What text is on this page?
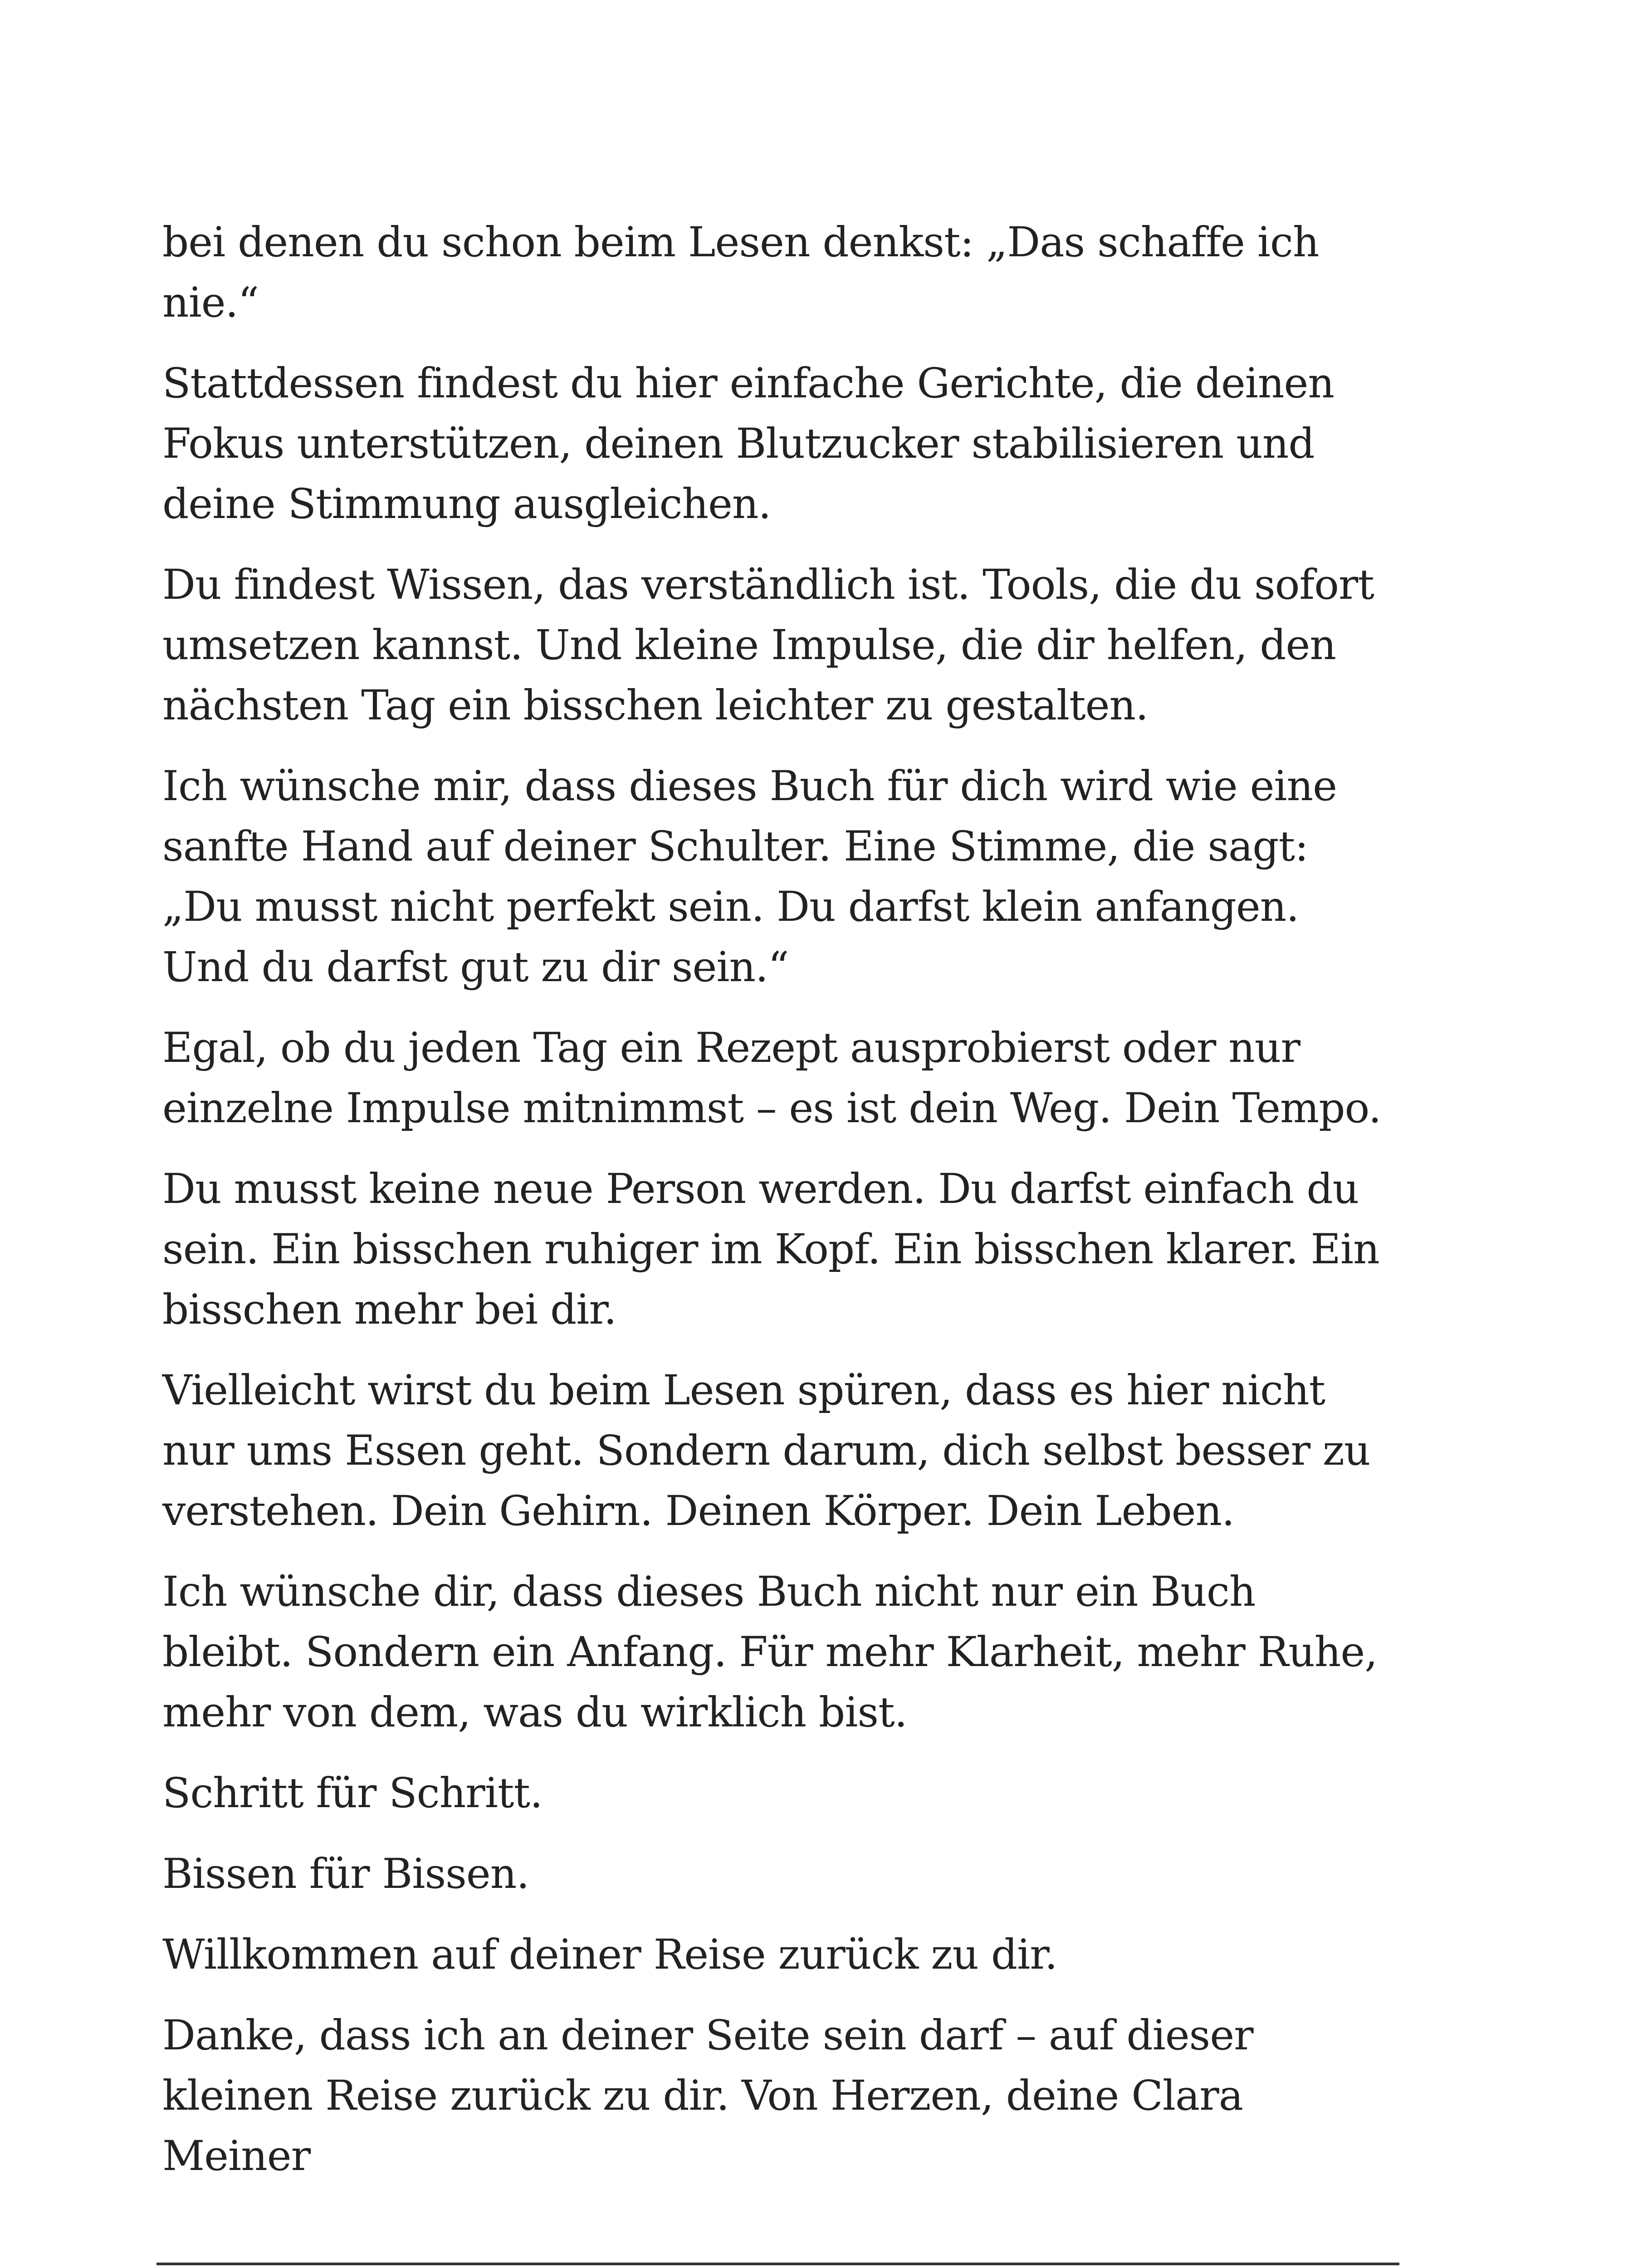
bei denen du schon beim Lesen denkst: „Das schaffe ich nie.“

Stattdessen findest du hier einfache Gerichte, die deinen Fokus unterstützen, deinen Blutzucker stabilisieren und deine Stimmung ausgleichen.

Du findest Wissen, das verständlich ist. Tools, die du sofort umsetzen kannst. Und kleine Impulse, die dir helfen, den nächsten Tag ein bisschen leichter zu gestalten.

Ich wünsche mir, dass dieses Buch für dich wird wie eine sanfte Hand auf deiner Schulter. Eine Stimme, die sagt: „Du musst nicht perfekt sein. Du darfst klein anfangen. Und du darfst gut zu dir sein.“

Egal, ob du jeden Tag ein Rezept ausprobierst oder nur einzelne Impulse mitnimmst – es ist dein Weg. Dein Tempo.

Du musst keine neue Person werden. Du darfst einfach du sein. Ein bisschen ruhiger im Kopf. Ein bisschen klarer. Ein bisschen mehr bei dir.

Vielleicht wirst du beim Lesen spüren, dass es hier nicht nur ums Essen geht. Sondern darum, dich selbst besser zu verstehen. Dein Gehirn. Deinen Körper. Dein Leben.

Ich wünsche dir, dass dieses Buch nicht nur ein Buch bleibt. Sondern ein Anfang. Für mehr Klarheit, mehr Ruhe, mehr von dem, was du wirklich bist.

Schritt für Schritt.

Bissen für Bissen.

Willkommen auf deiner Reise zurück zu dir.

Danke, dass ich an deiner Seite sein darf – auf dieser kleinen Reise zurück zu dir. Von Herzen, deine Clara Meiner
